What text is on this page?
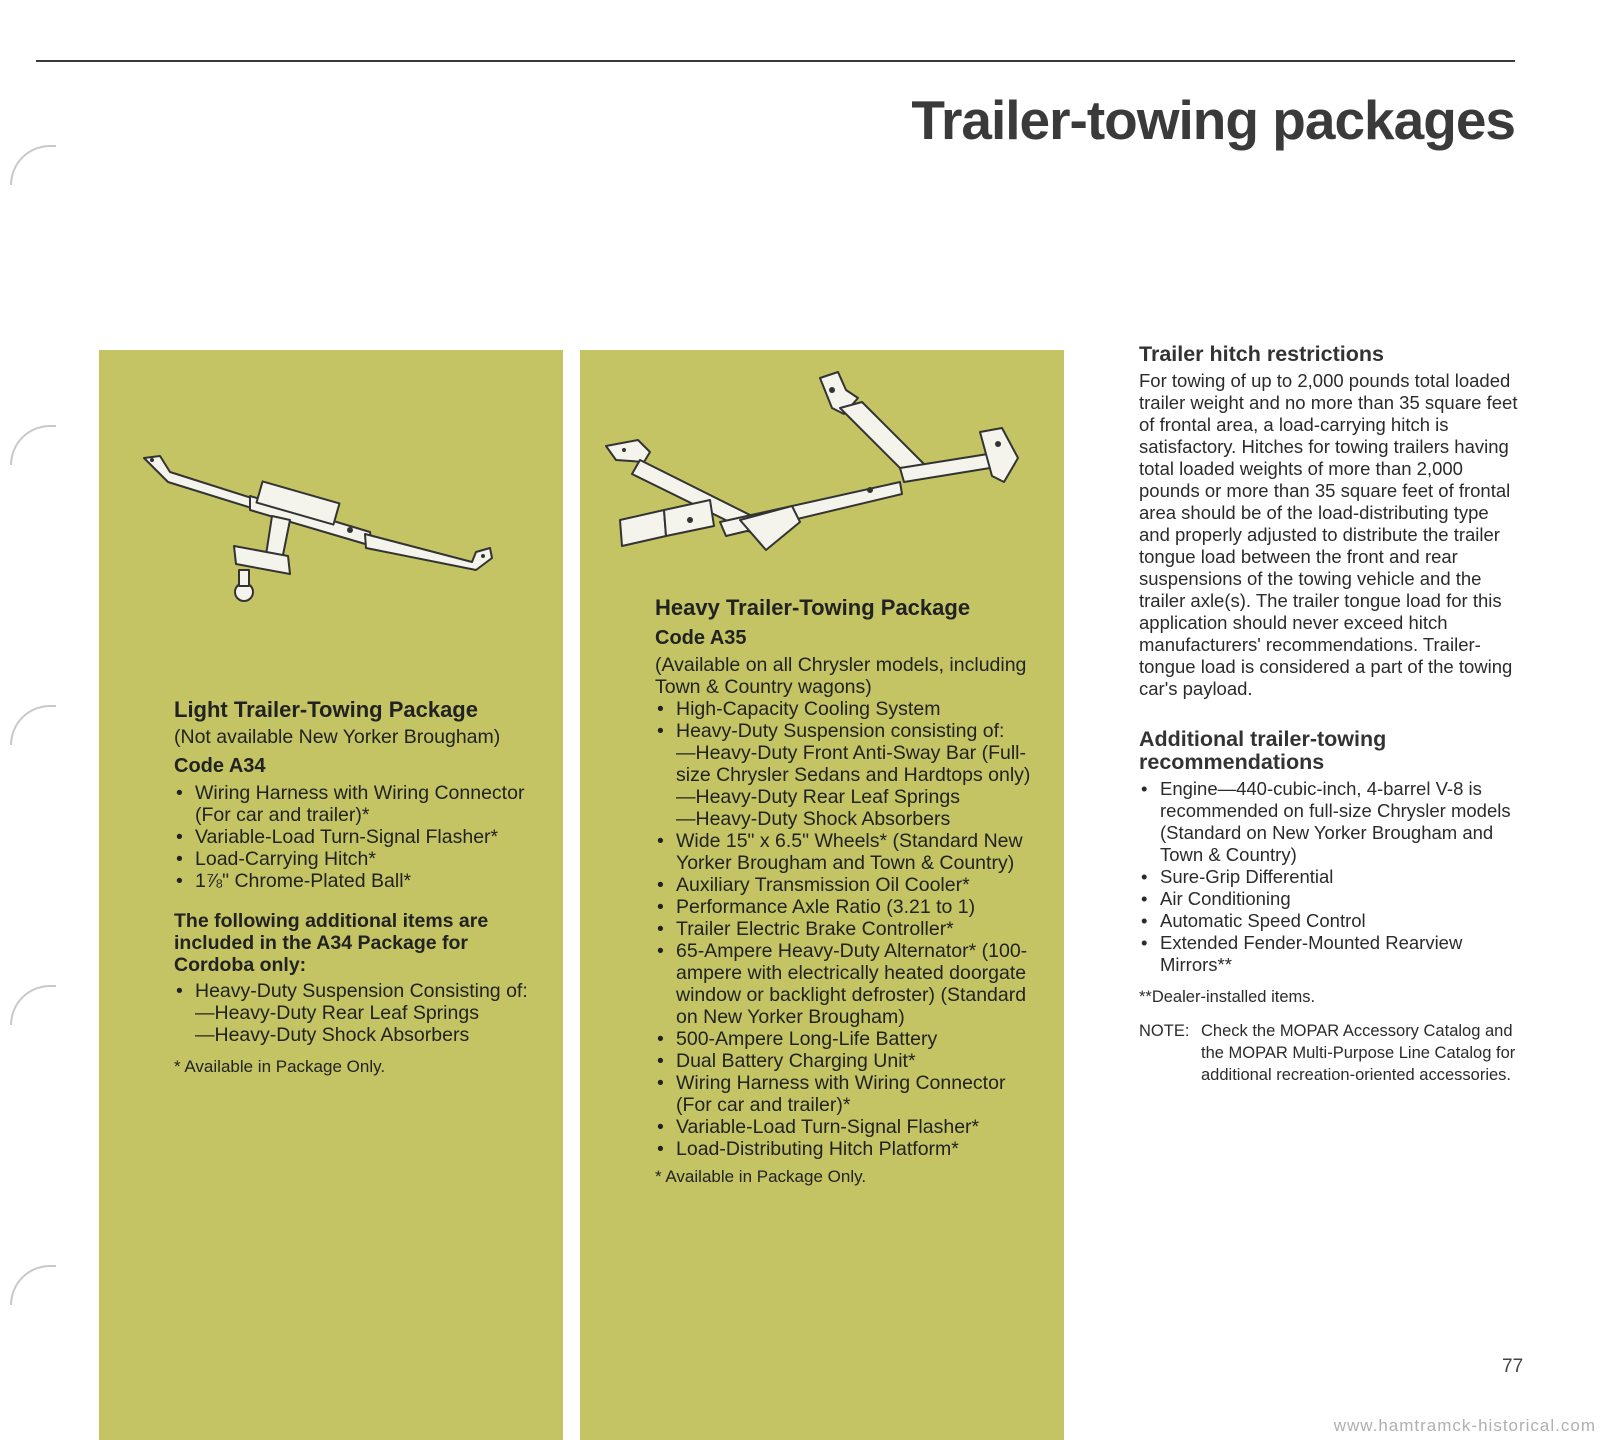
Trailer-towing packages
Light Trailer-Towing Package

(Not available New Yorker Brougham)

Code A34
• Wiring Harness with Wiring Connector (For car and trailer)*
• Variable-Load Turn-Signal Flasher*
• Load-Carrying Hitch*
• 1⅞" Chrome-Plated Ball*

The following additional items are included in the A34 Package for Cordoba only:

• Heavy-Duty Suspension Consisting of:
—Heavy-Duty Rear Leaf Springs
—Heavy-Duty Shock Absorbers

* Available in Package Only.

Heavy Trailer-Towing Package
Code A35

(Available on all Chrysler models, including Town & Country wagons)

• High-Capacity Cooling System
• Heavy-Duty Suspension consisting of:
—Heavy-Duty Front Anti-Sway Bar (Full-size Chrysler Sedans and Hardtops only)
—Heavy-Duty Rear Leaf Springs
—Heavy-Duty Shock Absorbers
• Wide 15" x 6.5" Wheels* (Standard New Yorker Brougham and Town & Country)
• Auxiliary Transmission Oil Cooler*
• Performance Axle Ratio (3.21 to 1)
• Trailer Electric Brake Controller*
• 65-Ampere Heavy-Duty Alternator* (100-ampere with electrically heated doorgate window or backlight defroster) (Standard on New Yorker Brougham)
• 500-Ampere Long-Life Battery
• Dual Battery Charging Unit*
• Wiring Harness with Wiring Connector (For car and trailer)*
• Variable-Load Turn-Signal Flasher*
• Load-Distributing Hitch Platform*

* Available in Package Only.

Trailer hitch restrictions

For towing of up to 2,000 pounds total loaded trailer weight and no more than 35 square feet of frontal area, a load-carrying hitch is satisfactory. Hitches for towing trailers having total loaded weights of more than 2,000 pounds or more than 35 square feet of frontal area should be of the load-distributing type and properly adjusted to distribute the trailer tongue load between the front and rear suspensions of the towing vehicle and the trailer axle(s). The trailer tongue load for this application should never exceed hitch manufacturers' recommendations. Trailer-tongue load is considered a part of the towing car's payload.

Additional trailer-towing recommendations
• Engine—440-cubic-inch, 4-barrel V-8 is recommended on full-size Chrysler models (Standard on New Yorker Brougham and Town & Country)
• Sure-Grip Differential
• Air Conditioning
• Automatic Speed Control
• Extended Fender-Mounted Rearview Mirrors**

**Dealer-installed items.

NOTE: Check the MOPAR Accessory Catalog and the MOPAR Multi-Purpose Line Catalog for additional recreation-oriented accessories.
77
www.hamtramck-historical.com
